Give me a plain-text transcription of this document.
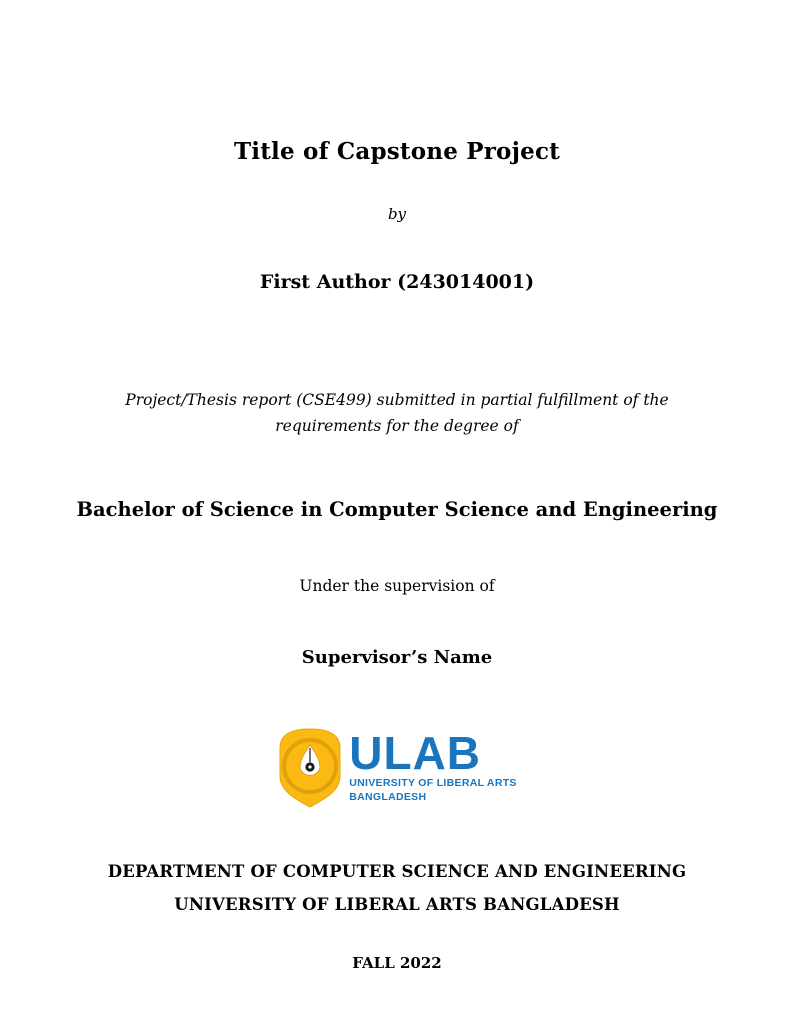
Title of Capstone Project
by
First Author (243014001)
Project/Thesis report (CSE499) submitted in partial fulfillment of the
requirements for the degree of
Bachelor of Science in Computer Science and Engineering
Under the supervision of
Supervisor’s Name
ULAB
UNIVERSITY OF LIBERAL ARTS
BANGLADESH
DEPARTMENT OF COMPUTER SCIENCE AND ENGINEERING
UNIVERSITY OF LIBERAL ARTS BANGLADESH
FALL 2022
